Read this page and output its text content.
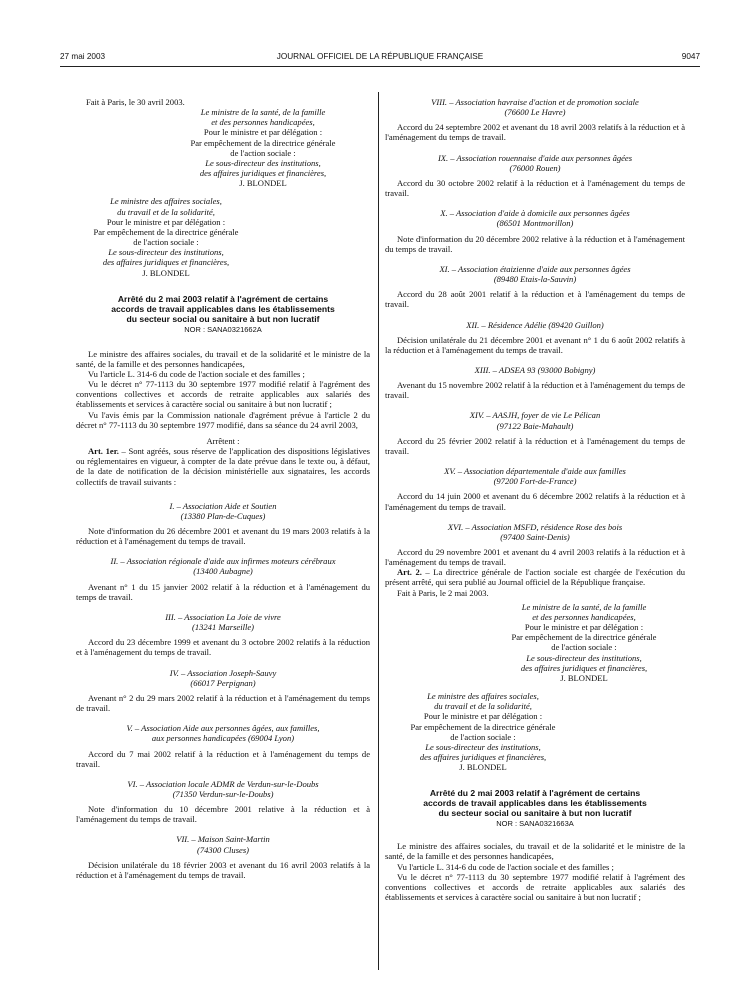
27 mai 2003	JOURNAL OFFICIEL DE LA RÉPUBLIQUE FRANÇAISE	9047
Fait à Paris, le 30 avril 2003.
Le ministre de la santé, de la famille
et des personnes handicapées,
Pour le ministre et par délégation :
Par empêchement de la directrice générale
de l'action sociale :
Le sous-directeur des institutions,
des affaires juridiques et financières,
J. BLONDEL
Le ministre des affaires sociales,
du travail et de la solidarité,
Pour le ministre et par délégation :
Par empêchement de la directrice générale
de l'action sociale :
Le sous-directeur des institutions,
des affaires juridiques et financières,
J. BLONDEL
Arrêté du 2 mai 2003 relatif à l'agrément de certains
accords de travail applicables dans les établissements
du secteur social ou sanitaire à but non lucratif
NOR : SANA0321662A
Le ministre des affaires sociales, du travail et de la solidarité et le ministre de la santé, de la famille et des personnes handicapées,
Vu l'article L. 314-6 du code de l'action sociale et des familles ;
Vu le décret n° 77-1113 du 30 septembre 1977 modifié relatif à l'agrément des conventions collectives et accords de retraite applicables aux salariés des établissements et services à caractère social ou sanitaire à but non lucratif ;
Vu l'avis émis par la Commission nationale d'agrément prévue à l'article 2 du décret n° 77-1113 du 30 septembre 1977 modifié, dans sa séance du 24 avril 2003,
Arrêtent :
Art. 1er. – Sont agréés, sous réserve de l'application des dispositions législatives ou réglementaires en vigueur, à compter de la date prévue dans le texte ou, à défaut, de la date de notification de la décision ministérielle aux signataires, les accords collectifs de travail suivants :
I. – Association Aide et Soutien
(13380 Plan-de-Cuques)
Note d'information du 26 décembre 2001 et avenant du 19 mars 2003 relatifs à la réduction et à l'aménagement du temps de travail.
II. – Association régionale d'aide aux infirmes moteurs cérébraux
(13400 Aubagne)
Avenant n° 1 du 15 janvier 2002 relatif à la réduction et à l'aménagement du temps de travail.
III. – Association La Joie de vivre
(13241 Marseille)
Accord du 23 décembre 1999 et avenant du 3 octobre 2002 relatifs à la réduction et à l'aménagement du temps de travail.
IV. – Association Joseph-Sauvy
(66017 Perpignan)
Avenant n° 2 du 29 mars 2002 relatif à la réduction et à l'aménagement du temps de travail.
V. – Association Aide aux personnes âgées, aux familles,
aux personnes handicapées (69004 Lyon)
Accord du 7 mai 2002 relatif à la réduction et à l'aménagement du temps de travail.
VI. – Association locale ADMR de Verdun-sur-le-Doubs
(71350 Verdun-sur-le-Doubs)
Note d'information du 10 décembre 2001 relative à la réduction et à l'aménagement du temps de travail.
VII. – Maison Saint-Martin
(74300 Cluses)
Décision unilatérale du 18 février 2003 et avenant du 16 avril 2003 relatifs à la réduction et à l'aménagement du temps de travail.
VIII. – Association havraise d'action et de promotion sociale
(76600 Le Havre)
Accord du 24 septembre 2002 et avenant du 18 avril 2003 relatifs à la réduction et à l'aménagement du temps de travail.
IX. – Association rouennaise d'aide aux personnes âgées
(76000 Rouen)
Accord du 30 octobre 2002 relatif à la réduction et à l'aménagement du temps de travail.
X. – Association d'aide à domicile aux personnes âgées
(86501 Montmorillon)
Note d'information du 20 décembre 2002 relative à la réduction et à l'aménagement du temps de travail.
XI. – Association étaizienne d'aide aux personnes âgées
(89480 Etais-la-Sauvin)
Accord du 28 août 2001 relatif à la réduction et à l'aménagement du temps de travail.
XII. – Résidence Adélie (89420 Guillon)
Décision unilatérale du 21 décembre 2001 et avenant n° 1 du 6 août 2002 relatifs à la réduction et à l'aménagement du temps de travail.
XIII. – ADSEA 93 (93000 Bobigny)
Avenant du 15 novembre 2002 relatif à la réduction et à l'aménagement du temps de travail.
XIV. – AASJH, foyer de vie Le Pélican
(97122 Baie-Mahault)
Accord du 25 février 2002 relatif à la réduction et à l'aménagement du temps de travail.
XV. – Association départementale d'aide aux familles
(97200 Fort-de-France)
Accord du 14 juin 2000 et avenant du 6 décembre 2002 relatifs à la réduction et à l'aménagement du temps de travail.
XVI. – Association MSFD, résidence Rose des bois
(97400 Saint-Denis)
Accord du 29 novembre 2001 et avenant du 4 avril 2003 relatifs à la réduction et à l'aménagement du temps de travail.
Art. 2. – La directrice générale de l'action sociale est chargée de l'exécution du présent arrêté, qui sera publié au Journal officiel de la République française.
Fait à Paris, le 2 mai 2003.
Le ministre de la santé, de la famille
et des personnes handicapées,
Pour le ministre et par délégation :
Par empêchement de la directrice générale
de l'action sociale :
Le sous-directeur des institutions,
des affaires juridiques et financières,
J. BLONDEL
Le ministre des affaires sociales,
du travail et de la solidarité,
Pour le ministre et par délégation :
Par empêchement de la directrice générale
de l'action sociale :
Le sous-directeur des institutions,
des affaires juridiques et financières,
J. BLONDEL
Arrêté du 2 mai 2003 relatif à l'agrément de certains
accords de travail applicables dans les établissements
du secteur social ou sanitaire à but non lucratif
NOR : SANA0321663A
Le ministre des affaires sociales, du travail et de la solidarité et le ministre de la santé, de la famille et des personnes handicapées,
Vu l'article L. 314-6 du code de l'action sociale et des familles ;
Vu le décret n° 77-1113 du 30 septembre 1977 modifié relatif à l'agrément des conventions collectives et accords de retraite applicables aux salariés des établissements et services à caractère social ou sanitaire à but non lucratif ;
